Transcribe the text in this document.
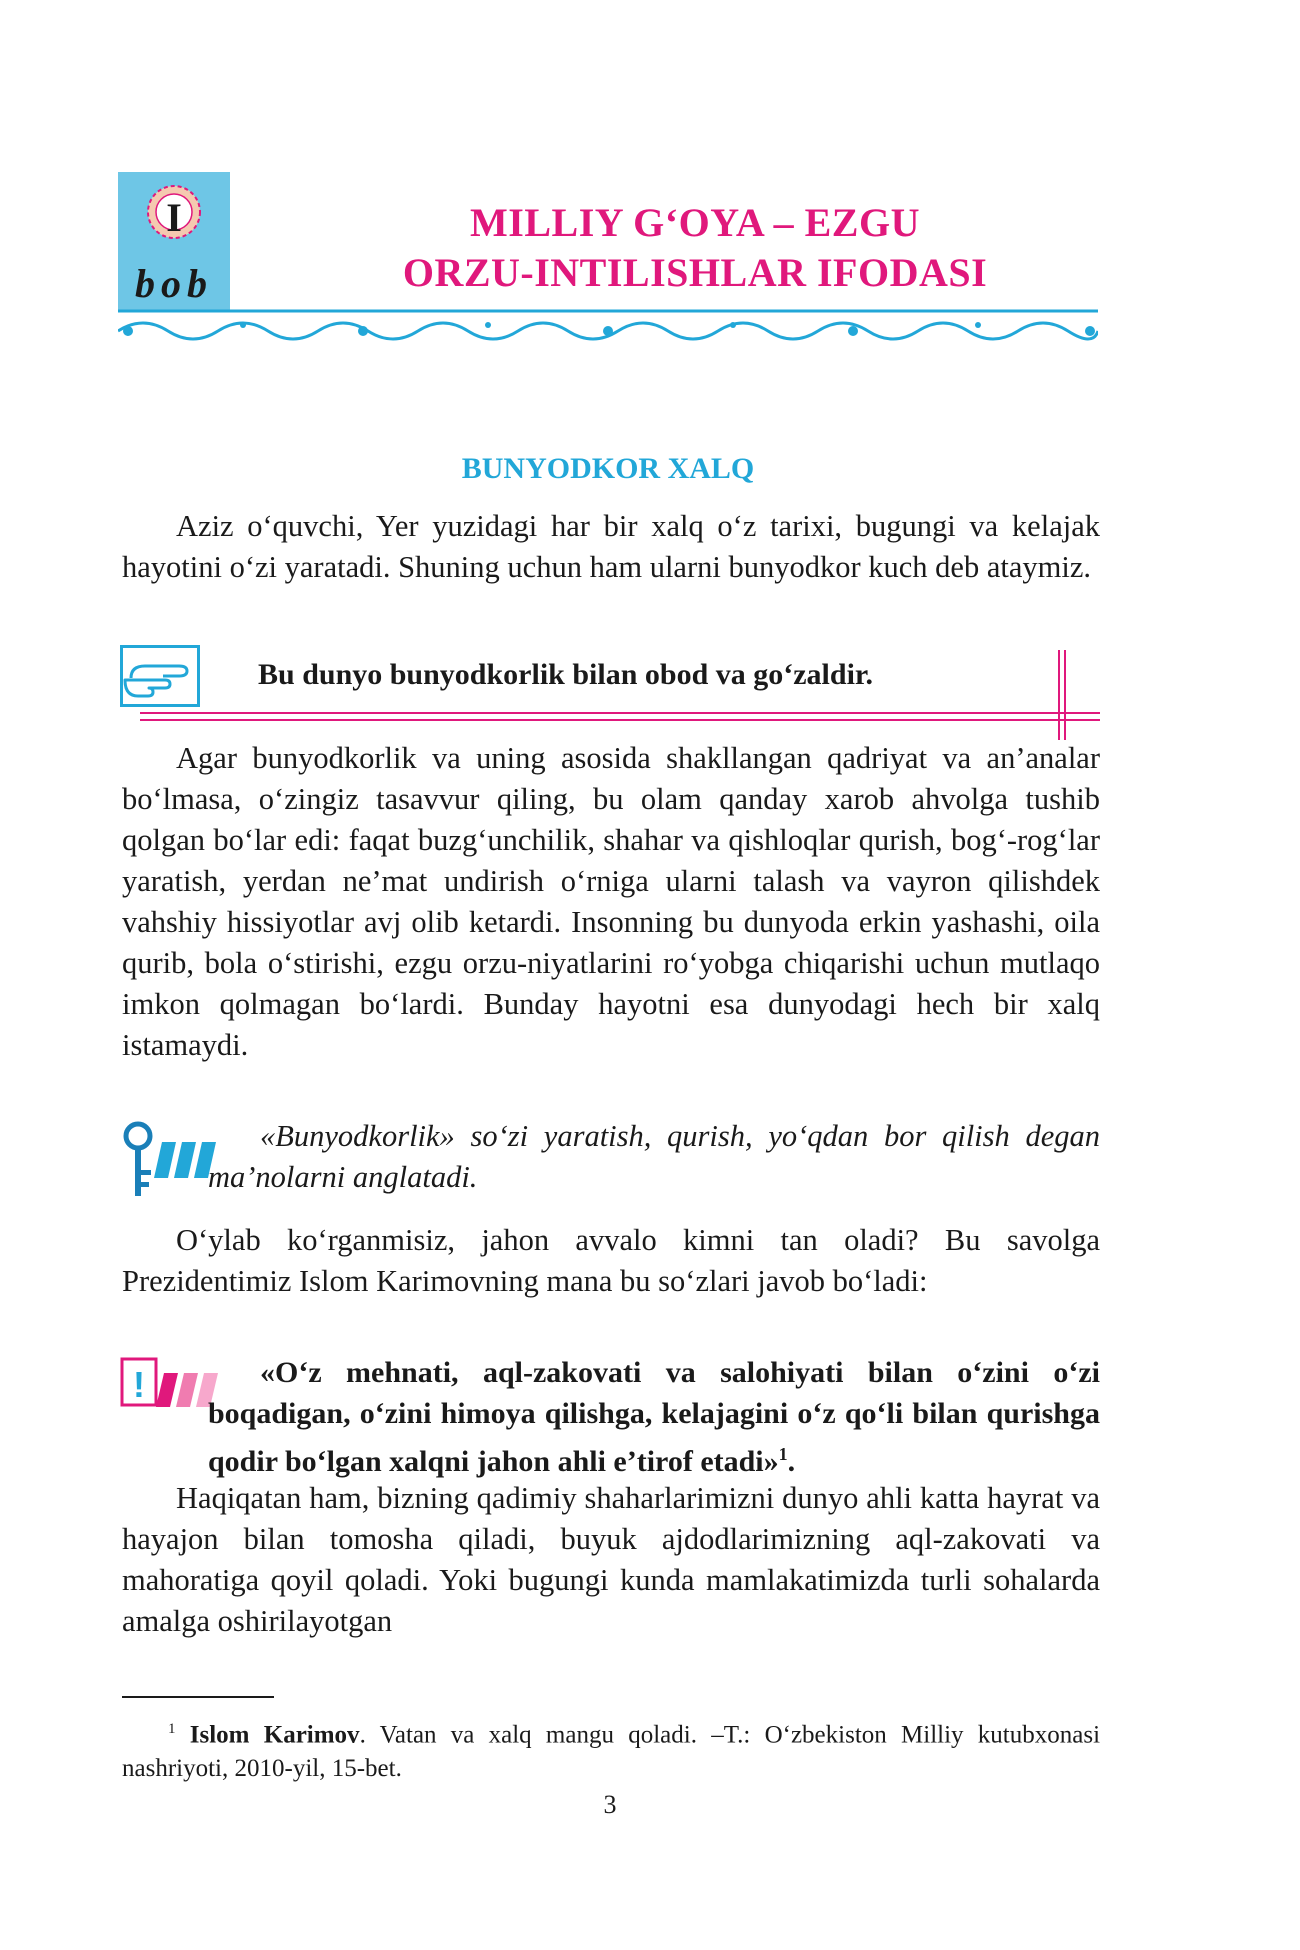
I
bob
MILLIY G‘OYA – EZGU
ORZU-INTILISHLAR IFODASI
BUNYODKOR XALQ

Aziz o‘quvchi, Yer yuzidagi har bir xalq o‘z tarixi, bugungi va kelajak hayotini o‘zi yaratadi. Shuning uchun ham ularni bunyodkor kuch deb ataymiz.

Bu dunyo bunyodkorlik bilan obod va go‘zaldir.

Agar bunyodkorlik va uning asosida shakllangan qadriyat va an’analar bo‘lmasa, o‘zingiz tasavvur qiling, bu olam qanday xarob ahvolga tushib qolgan bo‘lar edi: faqat buzg‘unchilik, shahar va qishloqlar qurish, bog‘-rog‘lar yaratish, yerdan ne’mat undirish o‘rniga ularni talash va vayron qilishdek vahshiy hissiyotlar avj olib ketardi. Insonning bu dunyoda erkin yashashi, oila qurib, bola o‘stirishi, ezgu orzu-niyatlarini ro‘yobga chiqarishi uchun mutlaqo imkon qolmagan bo‘lardi. Bunday hayotni esa dunyodagi hech bir xalq istamaydi.

«Bunyodkorlik» so‘zi yaratish, qurish, yo‘qdan bor qilish degan ma’nolarni anglatadi.

O‘ylab ko‘rganmisiz, jahon avvalo kimni tan oladi? Bu savolga Prezidentimiz Islom Karimovning mana bu so‘zlari javob bo‘ladi:

!	«O‘z mehnati, aql-zakovati va salohiyati bilan o‘zini o‘zi boqadigan, o‘zini himoya qilishga, kelajagini o‘z qo‘li bilan qurishga qodir bo‘lgan xalqni jahon ahli e’tirof etadi»$^1$.

Haqiqatan ham, bizning qadimiy shaharlarimizni dunyo ahli katta hayrat va hayajon bilan tomosha qiladi, buyuk ajdodlarimizning aql-zakovati va mahoratiga qoyil qoladi. Yoki bugungi kunda mamlakatimizda turli sohalarda amalga oshirilayotgan

$^1$ Islom Karimov. Vatan va xalq mangu qoladi. –T.: O‘zbekiston Milliy kutubxonasi nashriyoti, 2010-yil, 15-bet.

3
